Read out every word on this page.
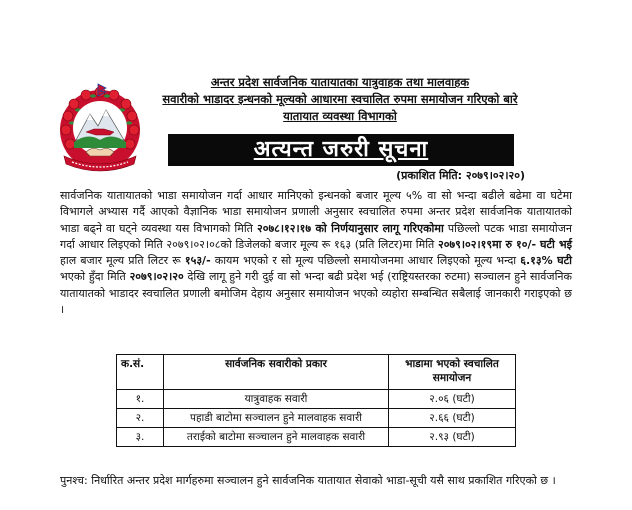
अन्तर प्रदेश सार्वजनिक यातायातका यात्रुवाहक तथा मालवाहक
सवारीको भाडादर इन्धनको मूल्यको आधारमा स्वचालित रुपमा समायोजन गरिएको बारे
यातायात व्यवस्था विभागको
अत्यन्त जरुरी सूचना
(प्रकाशित मिति: २०७९।०२।२०)
सार्वजनिक यातायातको भाडा समायोजन गर्दा आधार मानिएको इन्धनको बजार मूल्य ५% वा सो भन्दा बढीले बढेमा वा घटेमा विभागले अभ्यास गर्दै आएको वैज्ञानिक भाडा समायोजन प्रणाली अनुसार स्वचालित रुपमा अन्तर प्रदेश सार्वजनिक यातायातको भाडा बढ्ने वा घट्ने व्यवस्था यस विभागको मिति २०७८।१२।१७ को निर्णयानुसार लागू गरिएकोमा पछिल्लो पटक भाडा समायोजन गर्दा आधार लिइएको मिति २०७९।०२।०८को डिजेलको बजार मूल्य रू १६३ (प्रति लिटर)मा मिति २०७९।०२।१९मा रु १०/- घटी भई हाल बजार मूल्य प्रति लिटर रू १५३/- कायम भएको र सो मूल्य पछिल्लो समायोजनमा आधार लिइएको मूल्य भन्दा ६.१३% घटी भएको हुँदा मिति २०७९।०२।२० देखि लागू हुने गरी दुई वा सो भन्दा बढी प्रदेश भई (राष्ट्रियस्तरका रुटमा) सञ्चालन हुने सार्वजनिक यातायातको भाडादर स्वचालित प्रणाली बमोजिम देहाय अनुसार समायोजन भएको व्यहोरा सम्बन्धित सबैलाई जानकारी गराइएको छ ।
क.सं.	सार्वजनिक सवारीको प्रकार	भाडामा भएको स्वचालित समायोजन
१.	यात्रुवाहक सवारी	२.०६ (घटी)
२.	पहाडी बाटोमा सञ्चालन हुने मालवाहक सवारी	२.६६ (घटी)
३.	तराईको बाटोमा सञ्चालन हुने मालवाहक सवारी	२.९३ (घटी)
पुनश्च: निर्धारित अन्तर प्रदेश मार्गहरुमा सञ्चालन हुने सार्वजनिक यातायात सेवाको भाडा-सूची यसै साथ प्रकाशित गरिएको छ ।
